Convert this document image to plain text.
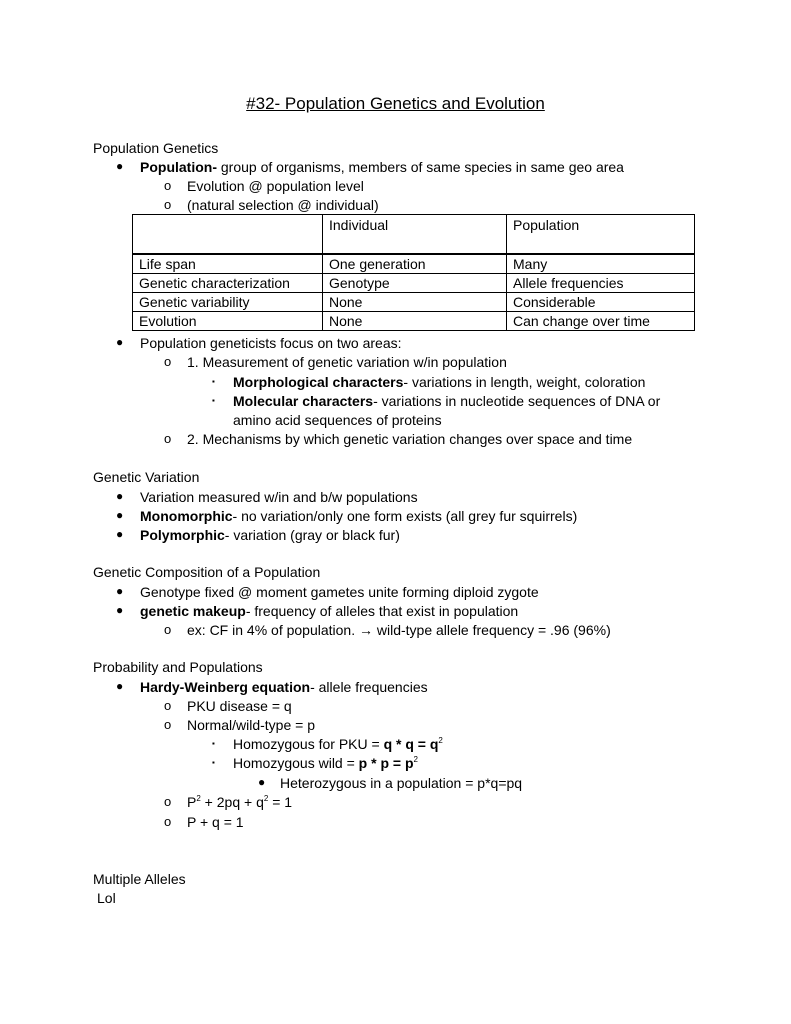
#32- Population Genetics and Evolution
Population Genetics
● Population- group of organisms, members of same species in same geo area
o Evolution @ population level
o (natural selection @ individual)
	Individual	Population
Life span	One generation	Many
Genetic characterization	Genotype	Allele frequencies
Genetic variability	None	Considerable
Evolution	None	Can change over time
● Population geneticists focus on two areas:
o 1. Measurement of genetic variation w/in population
▪ Morphological characters- variations in length, weight, coloration
▪ Molecular characters- variations in nucleotide sequences of DNA or
amino acid sequences of proteins
o 2. Mechanisms by which genetic variation changes over space and time
Genetic Variation
● Variation measured w/in and b/w populations
● Monomorphic- no variation/only one form exists (all grey fur squirrels)
● Polymorphic- variation (gray or black fur)
Genetic Composition of a Population
● Genotype fixed @ moment gametes unite forming diploid zygote
● genetic makeup- frequency of alleles that exist in population
o ex: CF in 4% of population. → wild-type allele frequency = .96 (96%)
Probability and Populations
● Hardy-Weinberg equation- allele frequencies
o PKU disease = q
o Normal/wild-type = p
▪ Homozygous for PKU = $q * q = q^2$
▪ Homozygous wild = $p * p = p^2$
● Heterozygous in a population = p*q=pq
o $P^2 + 2pq + q^2 = 1$
o P + q = 1
Multiple Alleles
Lol
